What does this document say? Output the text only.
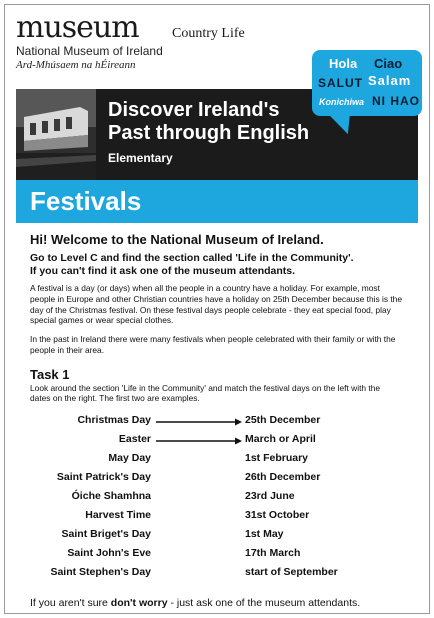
museum
National Museum of Ireland
Ard-Mhúsaem na hÉireann
Country Life
Discover Ireland's
Past through English
Elementary
Hola Ciao
SALUT Salam
Konichiwa NI HAO
Festivals

Hi! Welcome to the National Museum of Ireland.

Go to Level C and find the section called 'Life in the Community'.

If you can't find it ask one of the museum attendants.

A festival is a day (or days) when all the people in a country have a holiday. For example, most people in Europe and other Christian countries have a holiday on 25th December because this is the day of the Christmas festival. On these festival days people celebrate - they eat special food, play special games or wear special clothes.

In the past in Ireland there were many festivals when people celebrated with their family or with the people in their area.

Task 1

Look around the section 'Life in the Community' and match the festival days on the left with the dates on the right. The first two are examples.

Christmas Day	25th December
Easter	March or April
May Day	1st February
Saint Patrick's Day	26th December
Óiche Shamhna	23rd June
Harvest Time	31st October
Saint Briget's Day	1st May
Saint John's Eve	17th March
Saint Stephen's Day	start of September
If you aren't sure don't worry - just ask one of the museum attendants.
